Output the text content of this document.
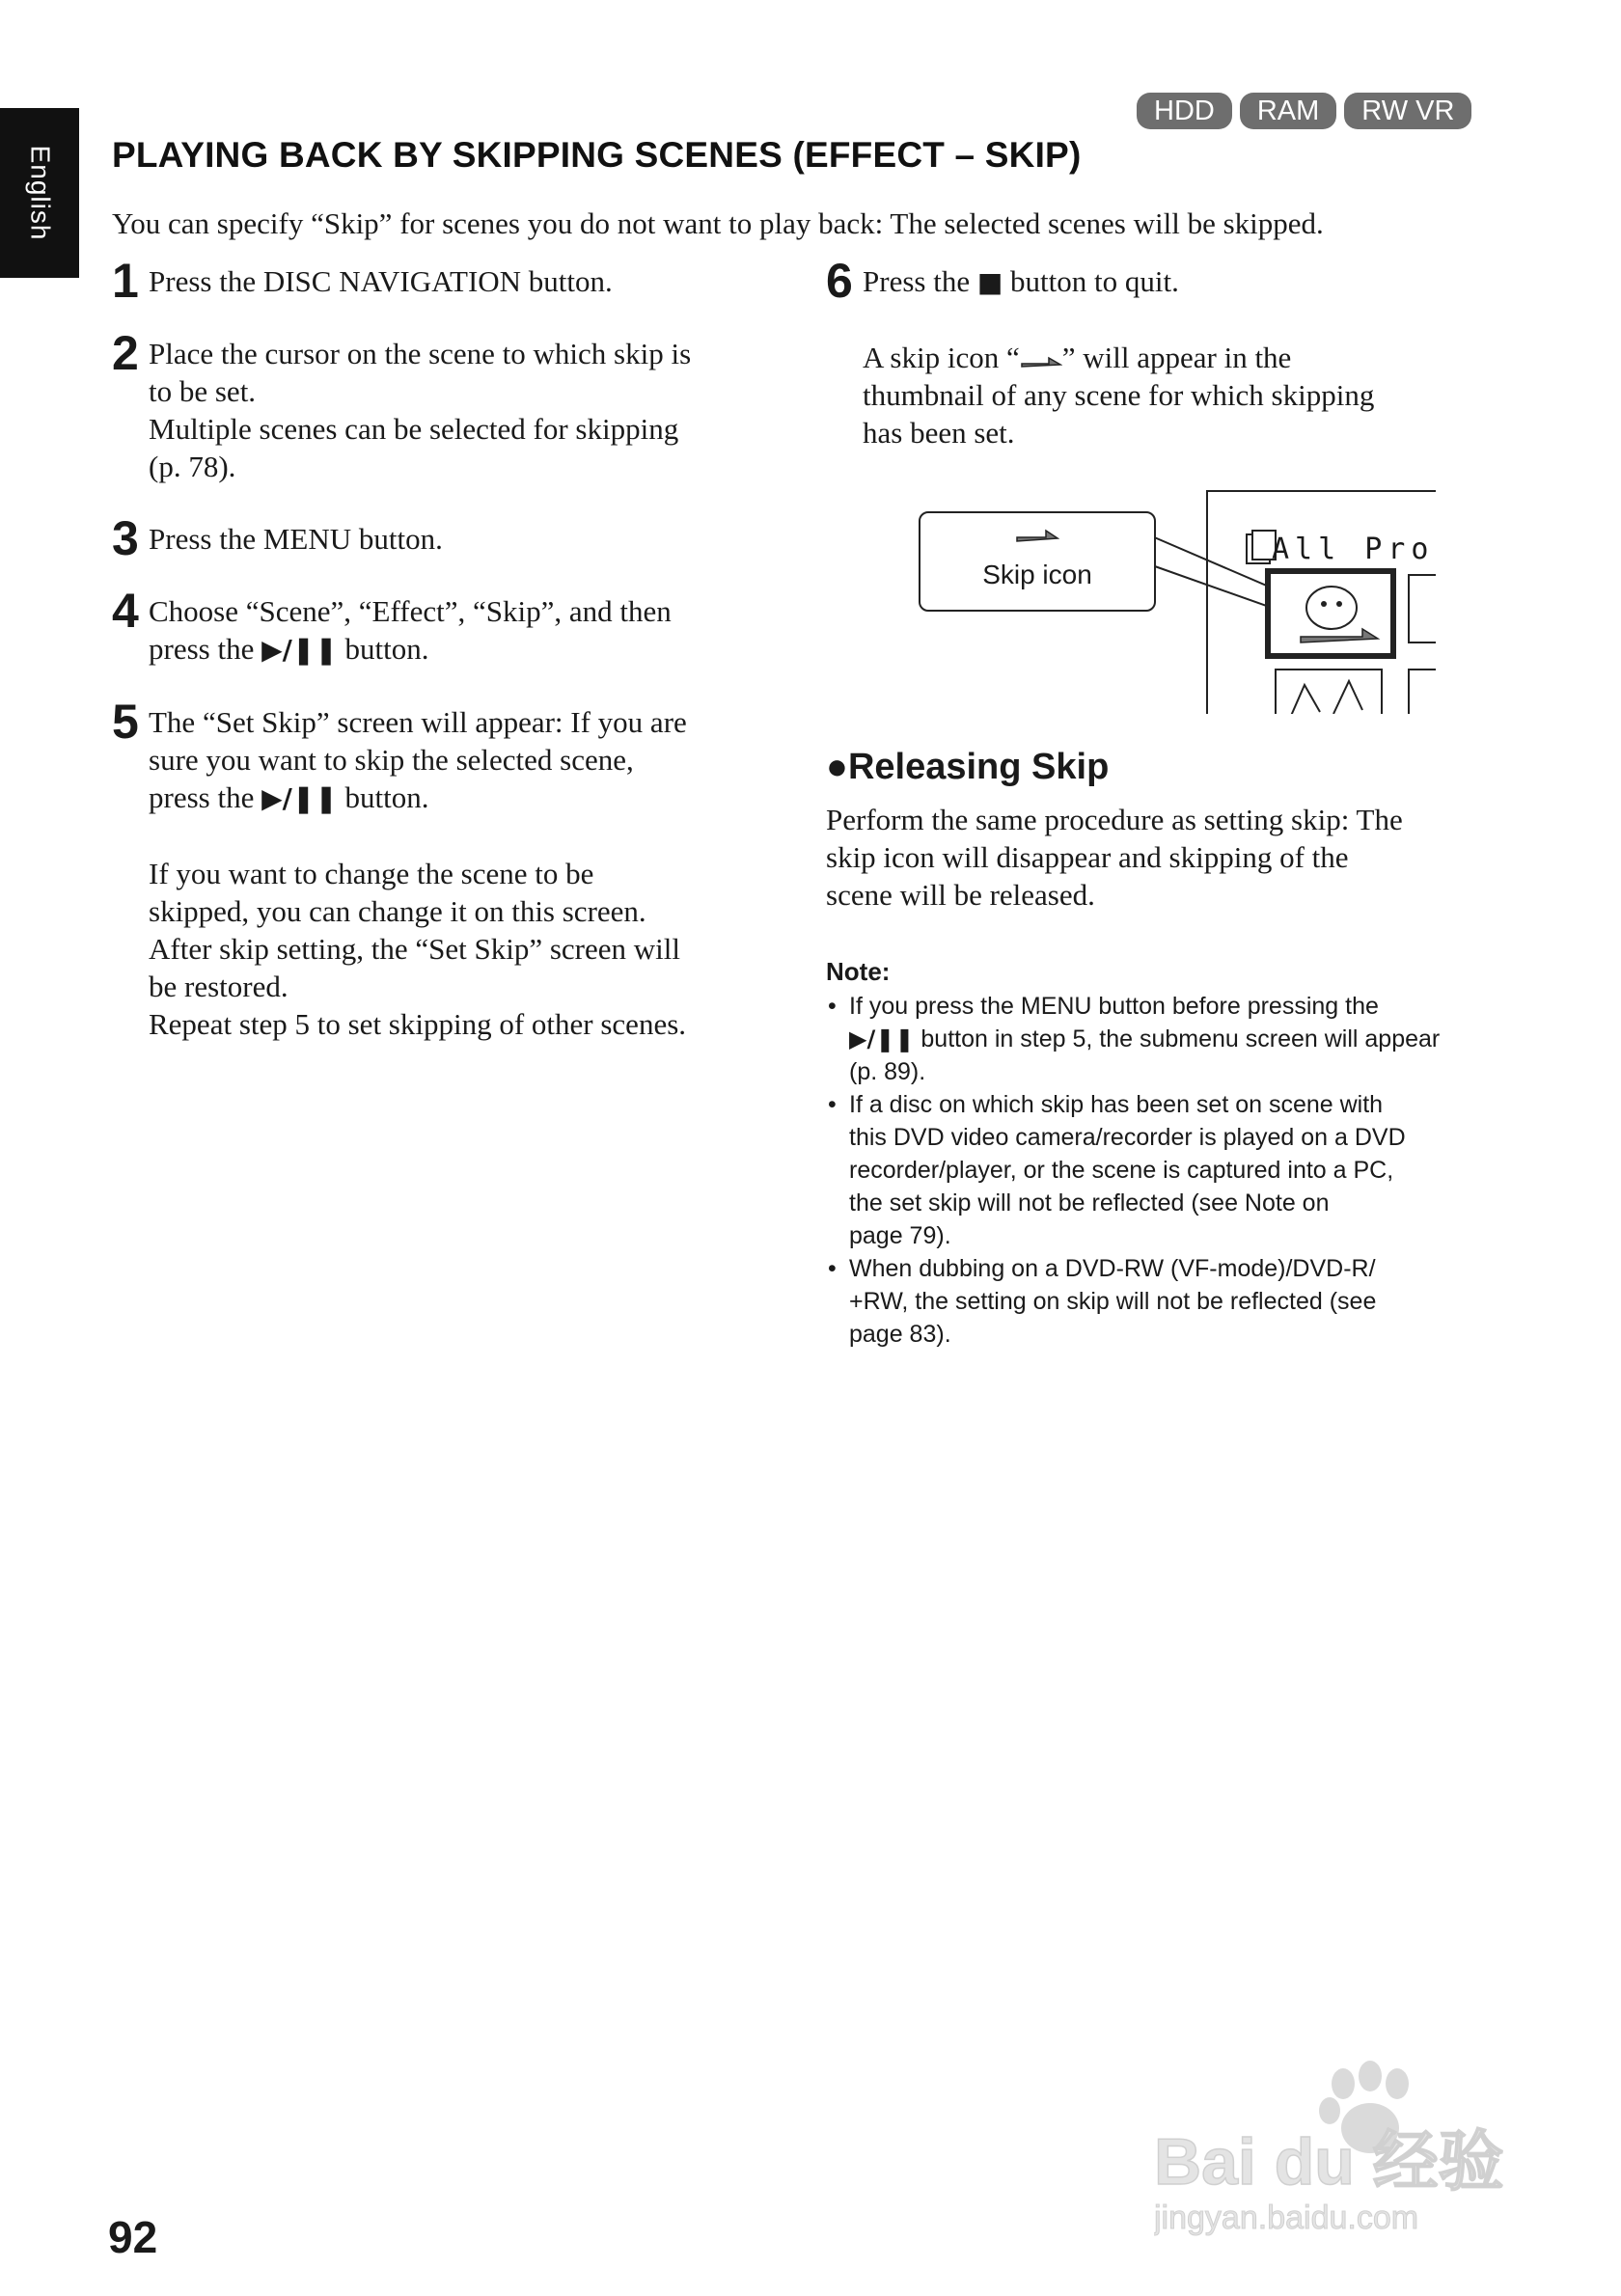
English
HDD	RAM	RW VR
PLAYING BACK BY SKIPPING SCENES (EFFECT – SKIP)

You can specify “Skip” for scenes you do not want to play back: The selected scenes will be skipped.

1 Press the DISC NAVIGATION button.

2 Place the cursor on the scene to which skip is

to be set.

Multiple scenes can be selected for skipping

(p. 78).

3 Press the MENU button.

4 Choose “Scene”, “Effect”, “Skip”, and then

press the ▶/❚❚ button.

5 The “Set Skip” screen will appear: If you are

sure you want to skip the selected scene,

press the ▶/❚❚ button.

If you want to change the scene to be

skipped, you can change it on this screen.

After skip setting, the “Set Skip” screen will

be restored.

Repeat step 5 to set skipping of other scenes.

6 Press the ■ button to quit.

A skip icon “ ” will appear in the

thumbnail of any scene for which skipping

has been set.

Skip icon
All Pro
●Releasing Skip
Perform the same procedure as setting skip: The
skip icon will disappear and skipping of the
scene will be released.
Note:
• If you press the MENU button before pressing the
▶/❚❚ button in step 5, the submenu screen will appear
(p. 89).
• If a disc on which skip has been set on scene with
this DVD video camera/recorder is played on a DVD
recorder/player, or the scene is captured into a PC,
the set skip will not be reflected (see Note on
page 79).
• When dubbing on a DVD-RW (VF-mode)/DVD-R/
+RW, the setting on skip will not be reflected (see
page 83).
92
Bai du 经验
jingyan.baidu.com
